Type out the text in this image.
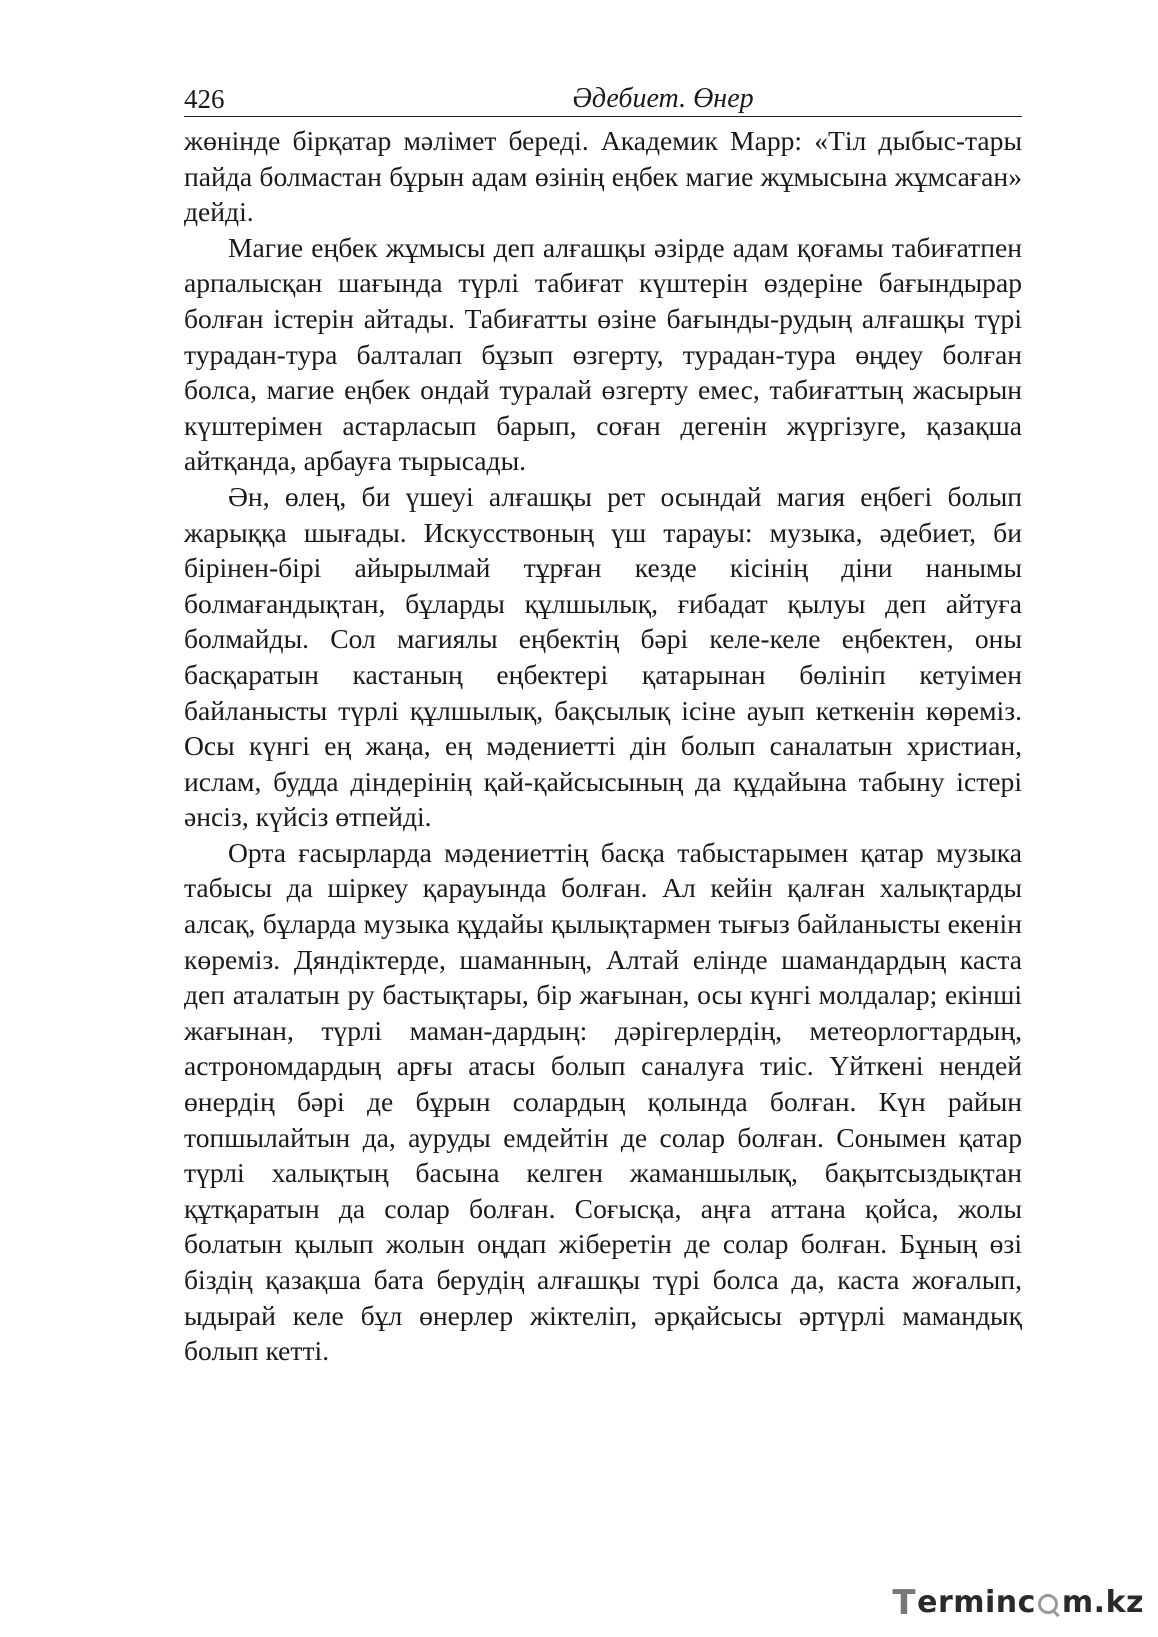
426	Әдебиет. Өнер

жөнінде бірқатар мәлімет береді. Академик Марр: «Тіл дыбыс-тары пайда болмастан бұрын адам өзінің еңбек магие жұмысына жұмсаған» дейді.

Магие еңбек жұмысы деп алғашқы әзірде адам қоғамы табиғатпен арпалысқан шағында түрлі табиғат күштерін өздеріне бағындырар болған істерін айтады. Табиғатты өзіне бағынды-рудың алғашқы түрі турадан-тура балталап бұзып өзгерту, турадан-тура өңдеу болған болса, магие еңбек ондай туралай өзгерту емес, табиғаттың жасырын күштерімен астарласып барып, соған дегенін жүргізуге, қазақша айтқанда, арбауға тырысады.

Ән, өлең, би үшеуі алғашқы рет осындай магия еңбегі болып жарыққа шығады. Искусствоның үш тарауы: музыка, әдебиет, би бірінен-бірі айырылмай тұрған кезде кісінің діни нанымы болмағандықтан, бұларды құлшылық, ғибадат қылуы деп айтуға болмайды. Сол магиялы еңбектің бәрі келе-келе еңбектен, оны басқаратын кастаның еңбектері қатарынан бөлініп кетуімен байланысты түрлі құлшылық, бақсылық ісіне ауып кеткенін көреміз. Осы күнгі ең жаңа, ең мәдениетті дін болып саналатын христиан, ислам, будда діндерінің қай-қайсысының да құдайына табыну істері әнсіз, күйсіз өтпейді.

Орта ғасырларда мәдениеттің басқа табыстарымен қатар музыка табысы да шіркеу қарауында болған. Ал кейін қалған халықтарды алсақ, бұларда музыка құдайы қылықтармен тығыз байланысты екенін көреміз. Дяндіктерде, шаманның, Алтай елінде шамандардың каста деп аталатын ру бастықтары, бір жағынан, осы күнгі молдалар; екінші жағынан, түрлі маман-дардың: дәрігерлердің, метеорлогтардың, астрономдардың арғы атасы болып саналуға тиіс. Үйткені нендей өнердің бәрі де бұрын солардың қолында болған. Күн райын топшылайтын да, ауруды емдейтін де солар болған. Сонымен қатар түрлі халықтың басына келген жаманшылық, бақытсыздықтан құтқаратын да солар болған. Соғысқа, аңға аттана қойса, жолы болатын қылып жолын оңдап жіберетін де солар болған. Бұның өзі біздің қазақша бата берудің алғашқы түрі болса да, каста жоғалып, ыдырай келе бұл өнерлер жіктеліп, әрқайсысы әртүрлі мамандық болып кетті.

T erminc m.kz
